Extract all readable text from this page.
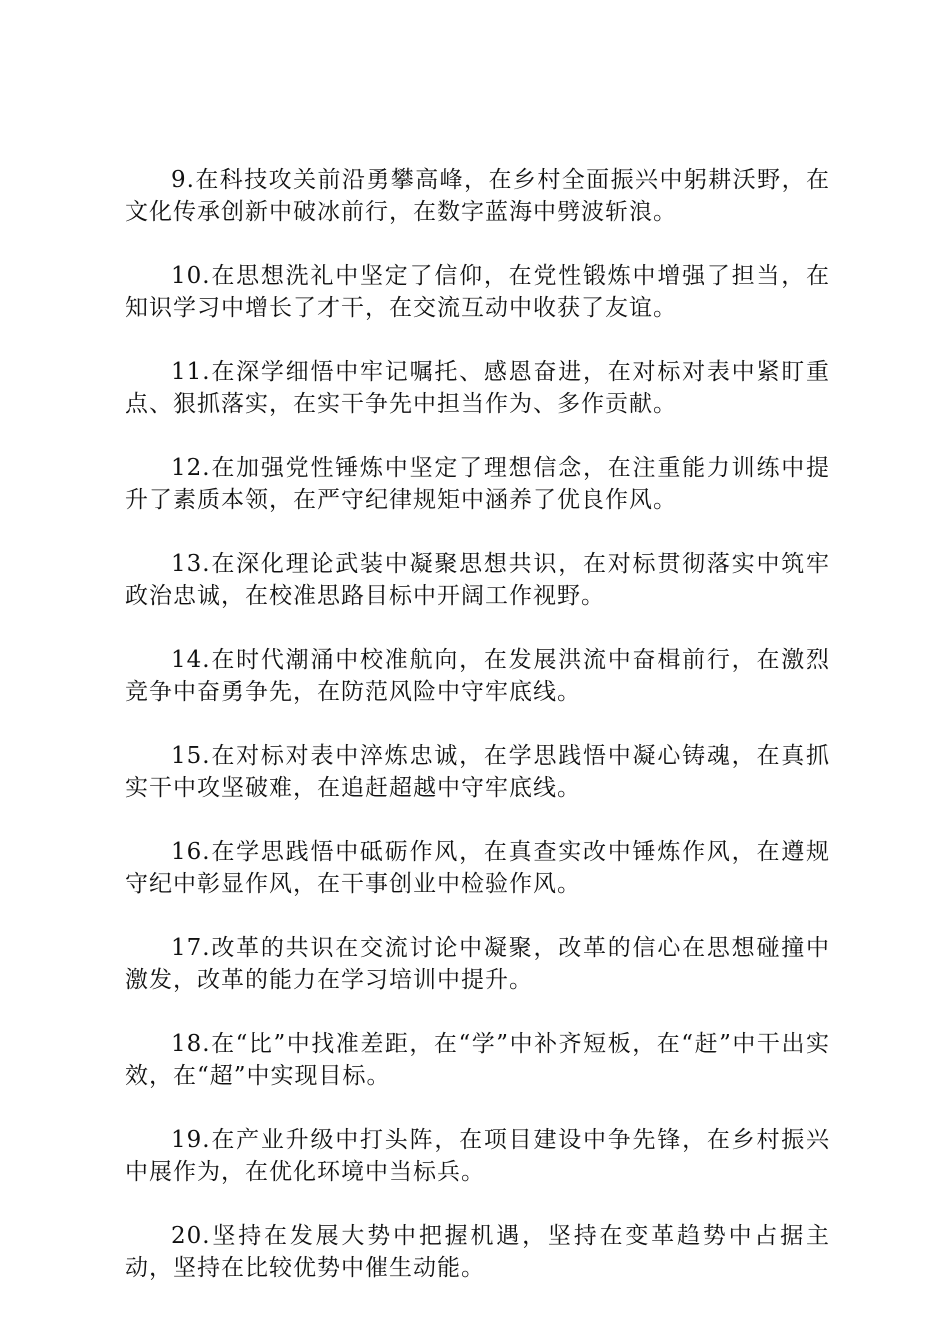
9.在科技攻关前沿勇攀高峰，在乡村全面振兴中躬耕沃野，在文化传承创新中破冰前行，在数字蓝海中劈波斩浪。

10.在思想洗礼中坚定了信仰，在党性锻炼中增强了担当，在知识学习中增长了才干，在交流互动中收获了友谊。

11.在深学细悟中牢记嘱托、感恩奋进，在对标对表中紧盯重点、狠抓落实，在实干争先中担当作为、多作贡献。

12.在加强党性锤炼中坚定了理想信念，在注重能力训练中提升了素质本领，在严守纪律规矩中涵养了优良作风。

13.在深化理论武装中凝聚思想共识，在对标贯彻落实中筑牢政治忠诚，在校准思路目标中开阔工作视野。

14.在时代潮涌中校准航向，在发展洪流中奋楫前行，在激烈竞争中奋勇争先，在防范风险中守牢底线。

15.在对标对表中淬炼忠诚，在学思践悟中凝心铸魂，在真抓实干中攻坚破难，在追赶超越中守牢底线。

16.在学思践悟中砥砺作风，在真查实改中锤炼作风，在遵规守纪中彰显作风，在干事创业中检验作风。

17.改革的共识在交流讨论中凝聚，改革的信心在思想碰撞中激发，改革的能力在学习培训中提升。

18.在“比”中找准差距，在“学”中补齐短板，在“赶”中干出实效，在“超”中实现目标。

19.在产业升级中打头阵，在项目建设中争先锋，在乡村振兴中展作为，在优化环境中当标兵。

20.坚持在发展大势中把握机遇，坚持在变革趋势中占据主动，坚持在比较优势中催生动能。
